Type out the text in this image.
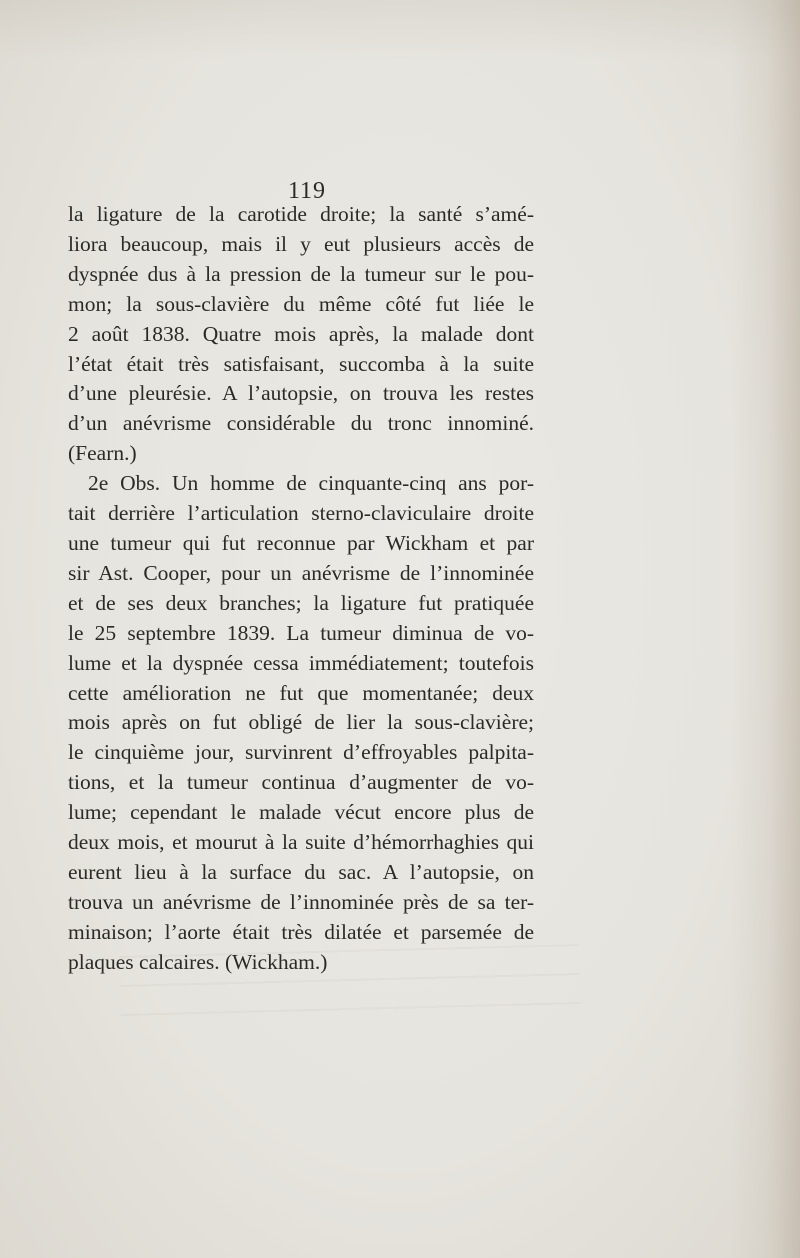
119
la ligature de la carotide droite; la santé s’amé-
liora beaucoup, mais il y eut plusieurs accès de
dyspnée dus à la pression de la tumeur sur le pou-
mon; la sous-clavière du même côté fut liée le
2 août 1838. Quatre mois après, la malade dont
l’état était très satisfaisant, succomba à la suite
d’une pleurésie. A l’autopsie, on trouva les restes
d’un anévrisme considérable du tronc innominé.
(Fearn.)
2e Obs. Un homme de cinquante-cinq ans por-
tait derrière l’articulation sterno-claviculaire droite
une tumeur qui fut reconnue par Wickham et par
sir Ast. Cooper, pour un anévrisme de l’innominée
et de ses deux branches; la ligature fut pratiquée
le 25 septembre 1839. La tumeur diminua de vo-
lume et la dyspnée cessa immédiatement; toutefois
cette amélioration ne fut que momentanée; deux
mois après on fut obligé de lier la sous-clavière;
le cinquième jour, survinrent d’effroyables palpita-
tions, et la tumeur continua d’augmenter de vo-
lume; cependant le malade vécut encore plus de
deux mois, et mourut à la suite d’hémorrhaghies qui
eurent lieu à la surface du sac. A l’autopsie, on
trouva un anévrisme de l’innominée près de sa ter-
minaison; l’aorte était très dilatée et parsemée de
plaques calcaires. (Wickham.)
